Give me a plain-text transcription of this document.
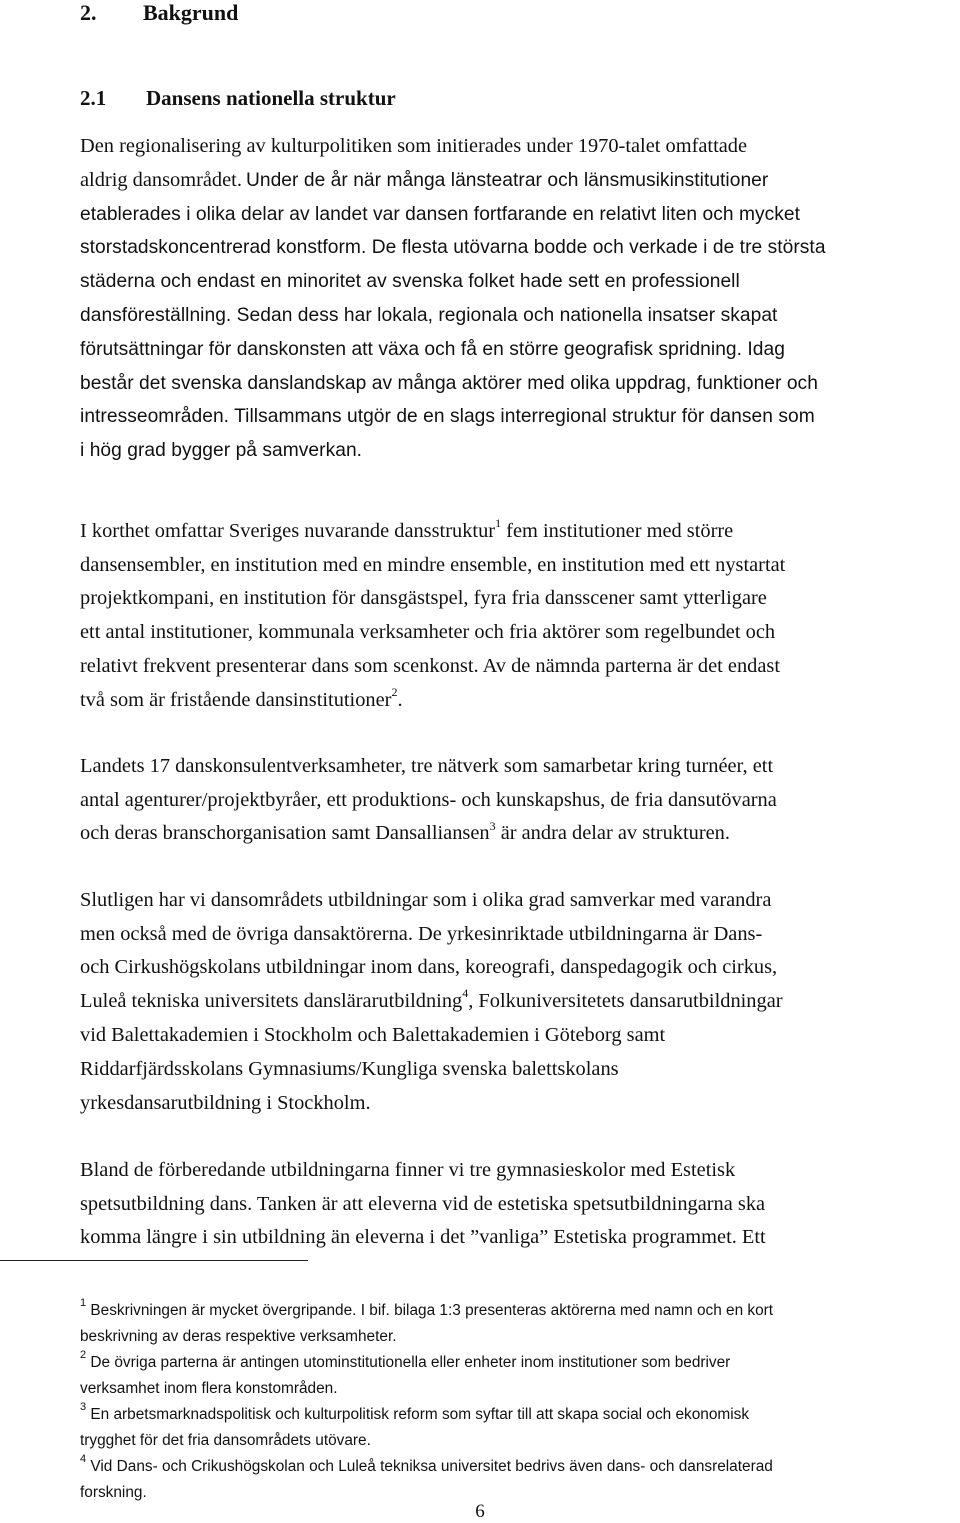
2. Bakgrund
2.1 Dansens nationella struktur

Den regionalisering av kulturpolitiken som initierades under 1970-talet omfattade
aldrig dansområdet. Under de år när många länsteatrar och länsmusikinstitutioner
etablerades i olika delar av landet var dansen fortfarande en relativt liten och mycket
storstadskoncentrerad konstform. De flesta utövarna bodde och verkade i de tre största
städerna och endast en minoritet av svenska folket hade sett en professionell
dansföreställning. Sedan dess har lokala, regionala och nationella insatser skapat
förutsättningar för danskonsten att växa och få en större geografisk spridning. Idag
består det svenska danslandskap av många aktörer med olika uppdrag, funktioner och
intresseområden. Tillsammans utgör de en slags interregional struktur för dansen som
i hög grad bygger på samverkan.

I korthet omfattar Sveriges nuvarande dansstruktur$^1$ fem institutioner med större
dansensembler, en institution med en mindre ensemble, en institution med ett nystartat
projektkompani, en institution för dansgästspel, fyra fria dansscener samt ytterligare
ett antal institutioner, kommunala verksamheter och fria aktörer som regelbundet och
relativt frekvent presenterar dans som scenkonst. Av de nämnda parterna är det endast
två som är fristående dansinstitutioner$^2$.

Landets 17 danskonsulentverksamheter, tre nätverk som samarbetar kring turnéer, ett
antal agenturer/projektbyråer, ett produktions- och kunskapshus, de fria dansutövarna
och deras branschorganisation samt Dansalliansen$^3$ är andra delar av strukturen.

Slutligen har vi dansområdets utbildningar som i olika grad samverkar med varandra
men också med de övriga dansaktörerna. De yrkesinriktade utbildningarna är Dans-
och Cirkushögskolans utbildningar inom dans, koreografi, danspedagogik och cirkus,
Luleå tekniska universitets danslärarutbildning$^4$, Folkuniversitetets dansarutbildningar
vid Balettakademien i Stockholm och Balettakademien i Göteborg samt
Riddarfjärdsskolans Gymnasiums/Kungliga svenska balettskolans
yrkesdansarutbildning i Stockholm.

Bland de förberedande utbildningarna finner vi tre gymnasieskolor med Estetisk
spetsutbildning dans. Tanken är att eleverna vid de estetiska spetsutbildningarna ska
komma längre i sin utbildning än eleverna i det ”vanliga” Estetiska programmet. Ett

$^1$ Beskrivningen är mycket övergripande. I bif. bilaga 1:3 presenteras aktörerna med namn och en kort
beskrivning av deras respektive verksamheter.

$^2$ De övriga parterna är antingen utominstitutionella eller enheter inom institutioner som bedriver
verksamhet inom flera konstområden.

$^3$ En arbetsmarknadspolitisk och kulturpolitisk reform som syftar till att skapa social och ekonomisk
trygghet för det fria dansområdets utövare.

$^4$ Vid Dans- och Crikushögskolan och Luleå tekniksa universitet bedrivs även dans- och dansrelaterad
forskning.

6
